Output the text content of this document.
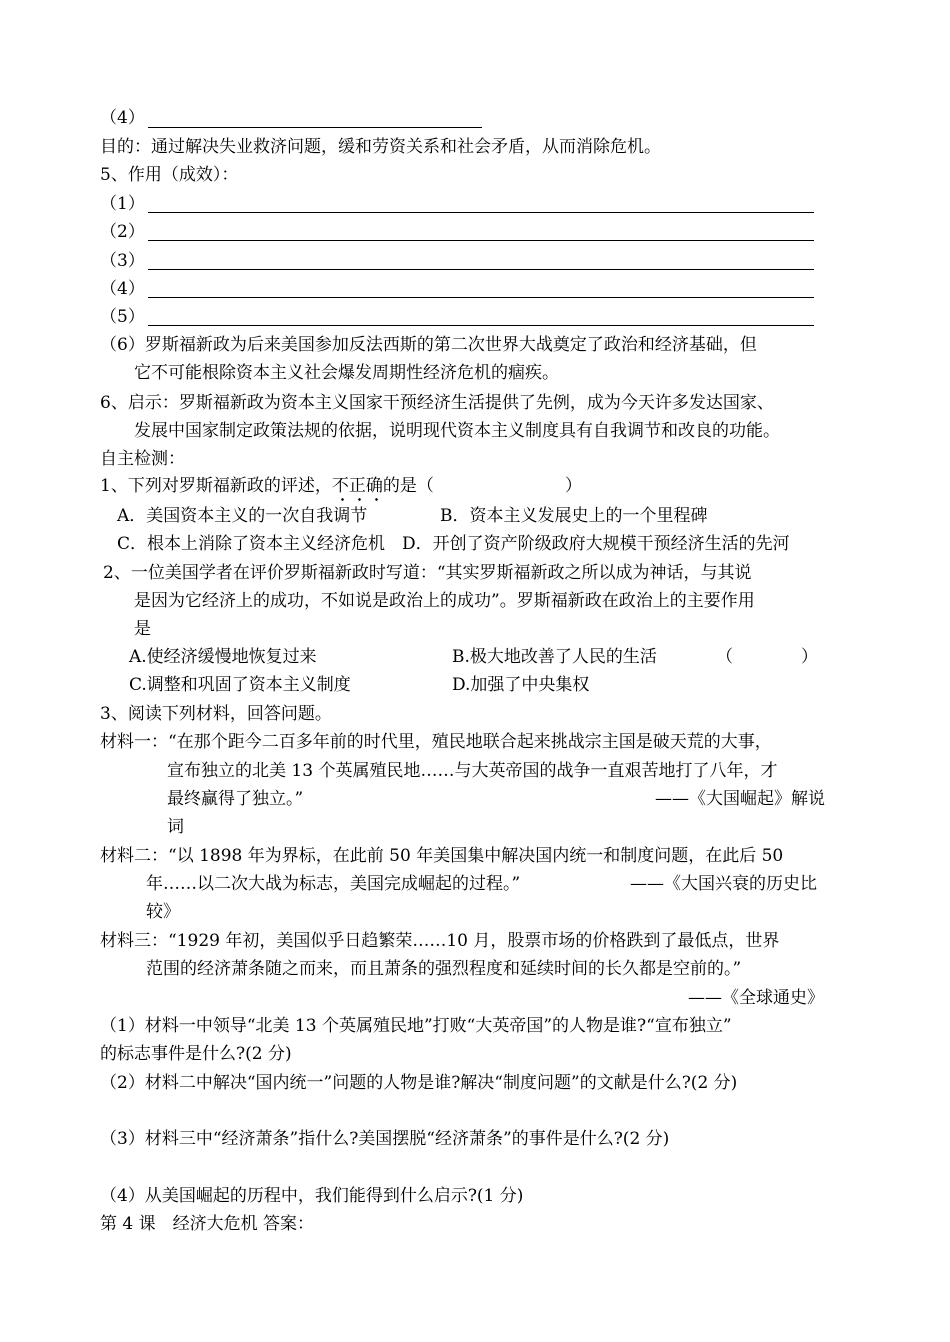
（4）
目的：通过解决失业救济问题，缓和劳资关系和社会矛盾，从而消除危机。
5、作用（成效）：
（1）
（2）
（3）
（4）
（5）
（6）罗斯福新政为后来美国参加反法西斯的第二次世界大战奠定了政治和经济基础，但
它不可能根除资本主义社会爆发周期性经济危机的痼疾。
6、启示：罗斯福新政为资本主义国家干预经济生活提供了先例，成为今天许多发达国家、
发展中国家制定政策法规的依据，说明现代资本主义制度具有自我调节和改良的功能。
自主检测：
1、下列对罗斯福新政的评述，不正确的是（	）
A．美国资本主义的一次自我调节	B．资本主义发展史上的一个里程碑
C．根本上消除了资本主义经济危机 D．开创了资产阶级政府大规模干预经济生活的先河
2、一位美国学者在评价罗斯福新政时写道：“其实罗斯福新政之所以成为神话，与其说
是因为它经济上的成功，不如说是政治上的成功”。罗斯福新政在政治上的主要作用
是
A.使经济缓慢地恢复过来	B.极大地改善了人民的生活	（　　　　）
C.调整和巩固了资本主义制度	D.加强了中央集权
3、阅读下列材料，回答问题。
材料一：“在那个距今二百多年前的时代里，殖民地联合起来挑战宗主国是破天荒的大事，
宣布独立的北美 13 个英属殖民地……与大英帝国的战争一直艰苦地打了八年，才
最终赢得了独立。”	——《大国崛起》解说
词
材料二：“以 1898 年为界标，在此前 50 年美国集中解决国内统一和制度问题，在此后 50
年……以二次大战为标志，美国完成崛起的过程。”	——《大国兴衰的历史比
较》
材料三：“1929 年初，美国似乎日趋繁荣……10 月，股票市场的价格跌到了最低点，世界
范围的经济萧条随之而来，而且萧条的强烈程度和延续时间的长久都是空前的。”
——《全球通史》
（1）材料一中领导“北美 13 个英属殖民地”打败“大英帝国”的人物是谁?“宣布独立”
的标志事件是什么?(2 分)
（2）材料二中解决“国内统一”问题的人物是谁?解决“制度问题”的文献是什么?(2 分)
（3）材料三中“经济萧条”指什么?美国摆脱“经济萧条”的事件是什么?(2 分)
（4）从美国崛起的历程中，我们能得到什么启示?(1 分)
第 4 课　经济大危机 答案：
